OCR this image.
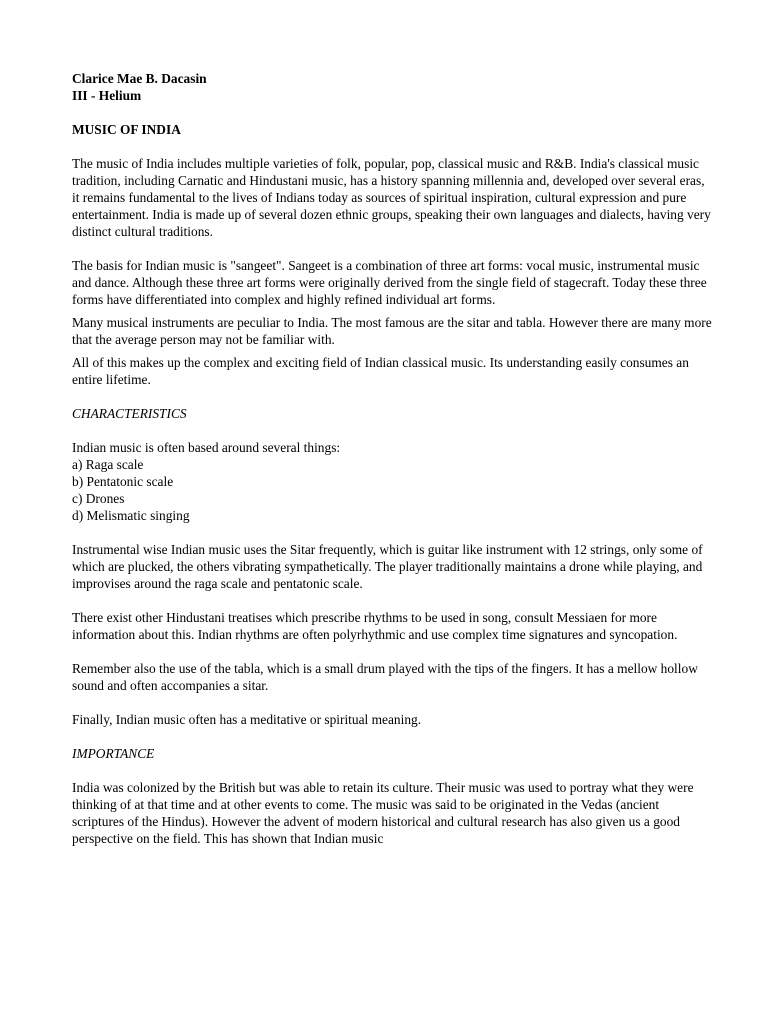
Clarice Mae B. Dacasin

III - Helium

MUSIC OF INDIA

The music of India includes multiple varieties of folk, popular, pop, classical music and R&B. India's classical music tradition, including Carnatic and Hindustani music, has a history spanning millennia and, developed over several eras, it remains fundamental to the lives of Indians today as sources of spiritual inspiration, cultural expression and pure entertainment. India is made up of several dozen ethnic groups, speaking their own languages and dialects, having very distinct cultural traditions.

The basis for Indian music is "sangeet". Sangeet is a combination of three art forms: vocal music, instrumental music and dance. Although these three art forms were originally derived from the single field of stagecraft. Today these three forms have differentiated into complex and highly refined individual art forms.

Many musical instruments are peculiar to India. The most famous are the sitar and tabla. However there are many more that the average person may not be familiar with.

All of this makes up the complex and exciting field of Indian classical music. Its understanding easily consumes an entire lifetime.

CHARACTERISTICS

Indian music is often based around several things:

a) Raga scale

b) Pentatonic scale

c) Drones

d) Melismatic singing

Instrumental wise Indian music uses the Sitar frequently, which is guitar like instrument with 12 strings, only some of which are plucked, the others vibrating sympathetically. The player traditionally maintains a drone while playing, and improvises around the raga scale and pentatonic scale.

There exist other Hindustani treatises which prescribe rhythms to be used in song, consult Messiaen for more information about this. Indian rhythms are often polyrhythmic and use complex time signatures and syncopation.

Remember also the use of the tabla, which is a small drum played with the tips of the fingers. It has a mellow hollow sound and often accompanies a sitar.

Finally, Indian music often has a meditative or spiritual meaning.

IMPORTANCE

India was colonized by the British but was able to retain its culture. Their music was used to portray what they were thinking of at that time and at other events to come. The music was said to be originated in the Vedas (ancient scriptures of the Hindus). However the advent of modern historical and cultural research has also given us a good perspective on the field. This has shown that Indian music
